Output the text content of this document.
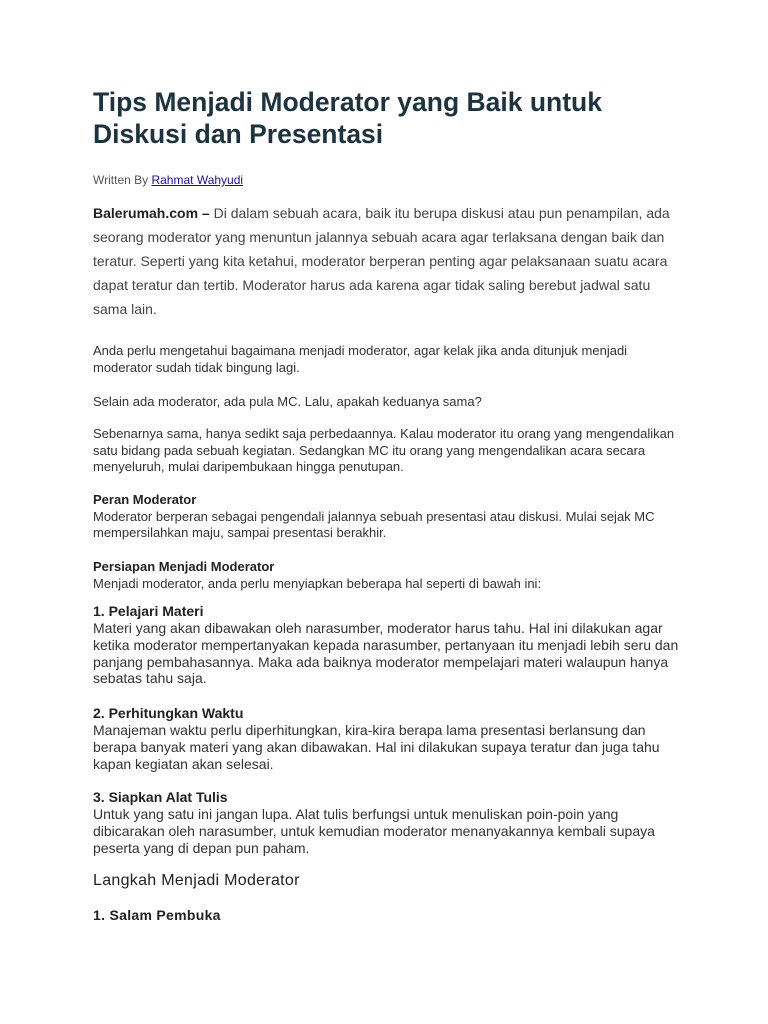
Tips Menjadi Moderator yang Baik untuk Diskusi dan Presentasi
Written By Rahmat Wahyudi

Balerumah.com – Di dalam sebuah acara, baik itu berupa diskusi atau pun penampilan, ada seorang moderator yang menuntun jalannya sebuah acara agar terlaksana dengan baik dan teratur. Seperti yang kita ketahui, moderator berperan penting agar pelaksanaan suatu acara dapat teratur dan tertib. Moderator harus ada karena agar tidak saling berebut jadwal satu sama lain.

Anda perlu mengetahui bagaimana menjadi moderator, agar kelak jika anda ditunjuk menjadi moderator sudah tidak bingung lagi.

Selain ada moderator, ada pula MC. Lalu, apakah keduanya sama?

Sebenarnya sama, hanya sedikt saja perbedaannya. Kalau moderator itu orang yang mengendalikan satu bidang pada sebuah kegiatan. Sedangkan MC itu orang yang mengendalikan acara secara menyeluruh, mulai daripembukaan hingga penutupan.

Peran Moderator
Moderator berperan sebagai pengendali jalannya sebuah presentasi atau diskusi. Mulai sejak MC mempersilahkan maju, sampai presentasi berakhir.
Persiapan Menjadi Moderator
Menjadi moderator, anda perlu menyiapkan beberapa hal seperti di bawah ini:
1. Pelajari Materi
Materi yang akan dibawakan oleh narasumber, moderator harus tahu. Hal ini dilakukan agar ketika moderator mempertanyakan kepada narasumber, pertanyaan itu menjadi lebih seru dan panjang pembahasannya. Maka ada baiknya moderator mempelajari materi walaupun hanya sebatas tahu saja.
2. Perhitungkan Waktu
Manajeman waktu perlu diperhitungkan, kira-kira berapa lama presentasi berlansung dan berapa banyak materi yang akan dibawakan. Hal ini dilakukan supaya teratur dan juga tahu kapan kegiatan akan selesai.
3. Siapkan Alat Tulis
Untuk yang satu ini jangan lupa. Alat tulis berfungsi untuk menuliskan poin-poin yang dibicarakan oleh narasumber, untuk kemudian moderator menanyakannya kembali supaya peserta yang di depan pun paham.
Langkah Menjadi Moderator
1. Salam Pembuka
